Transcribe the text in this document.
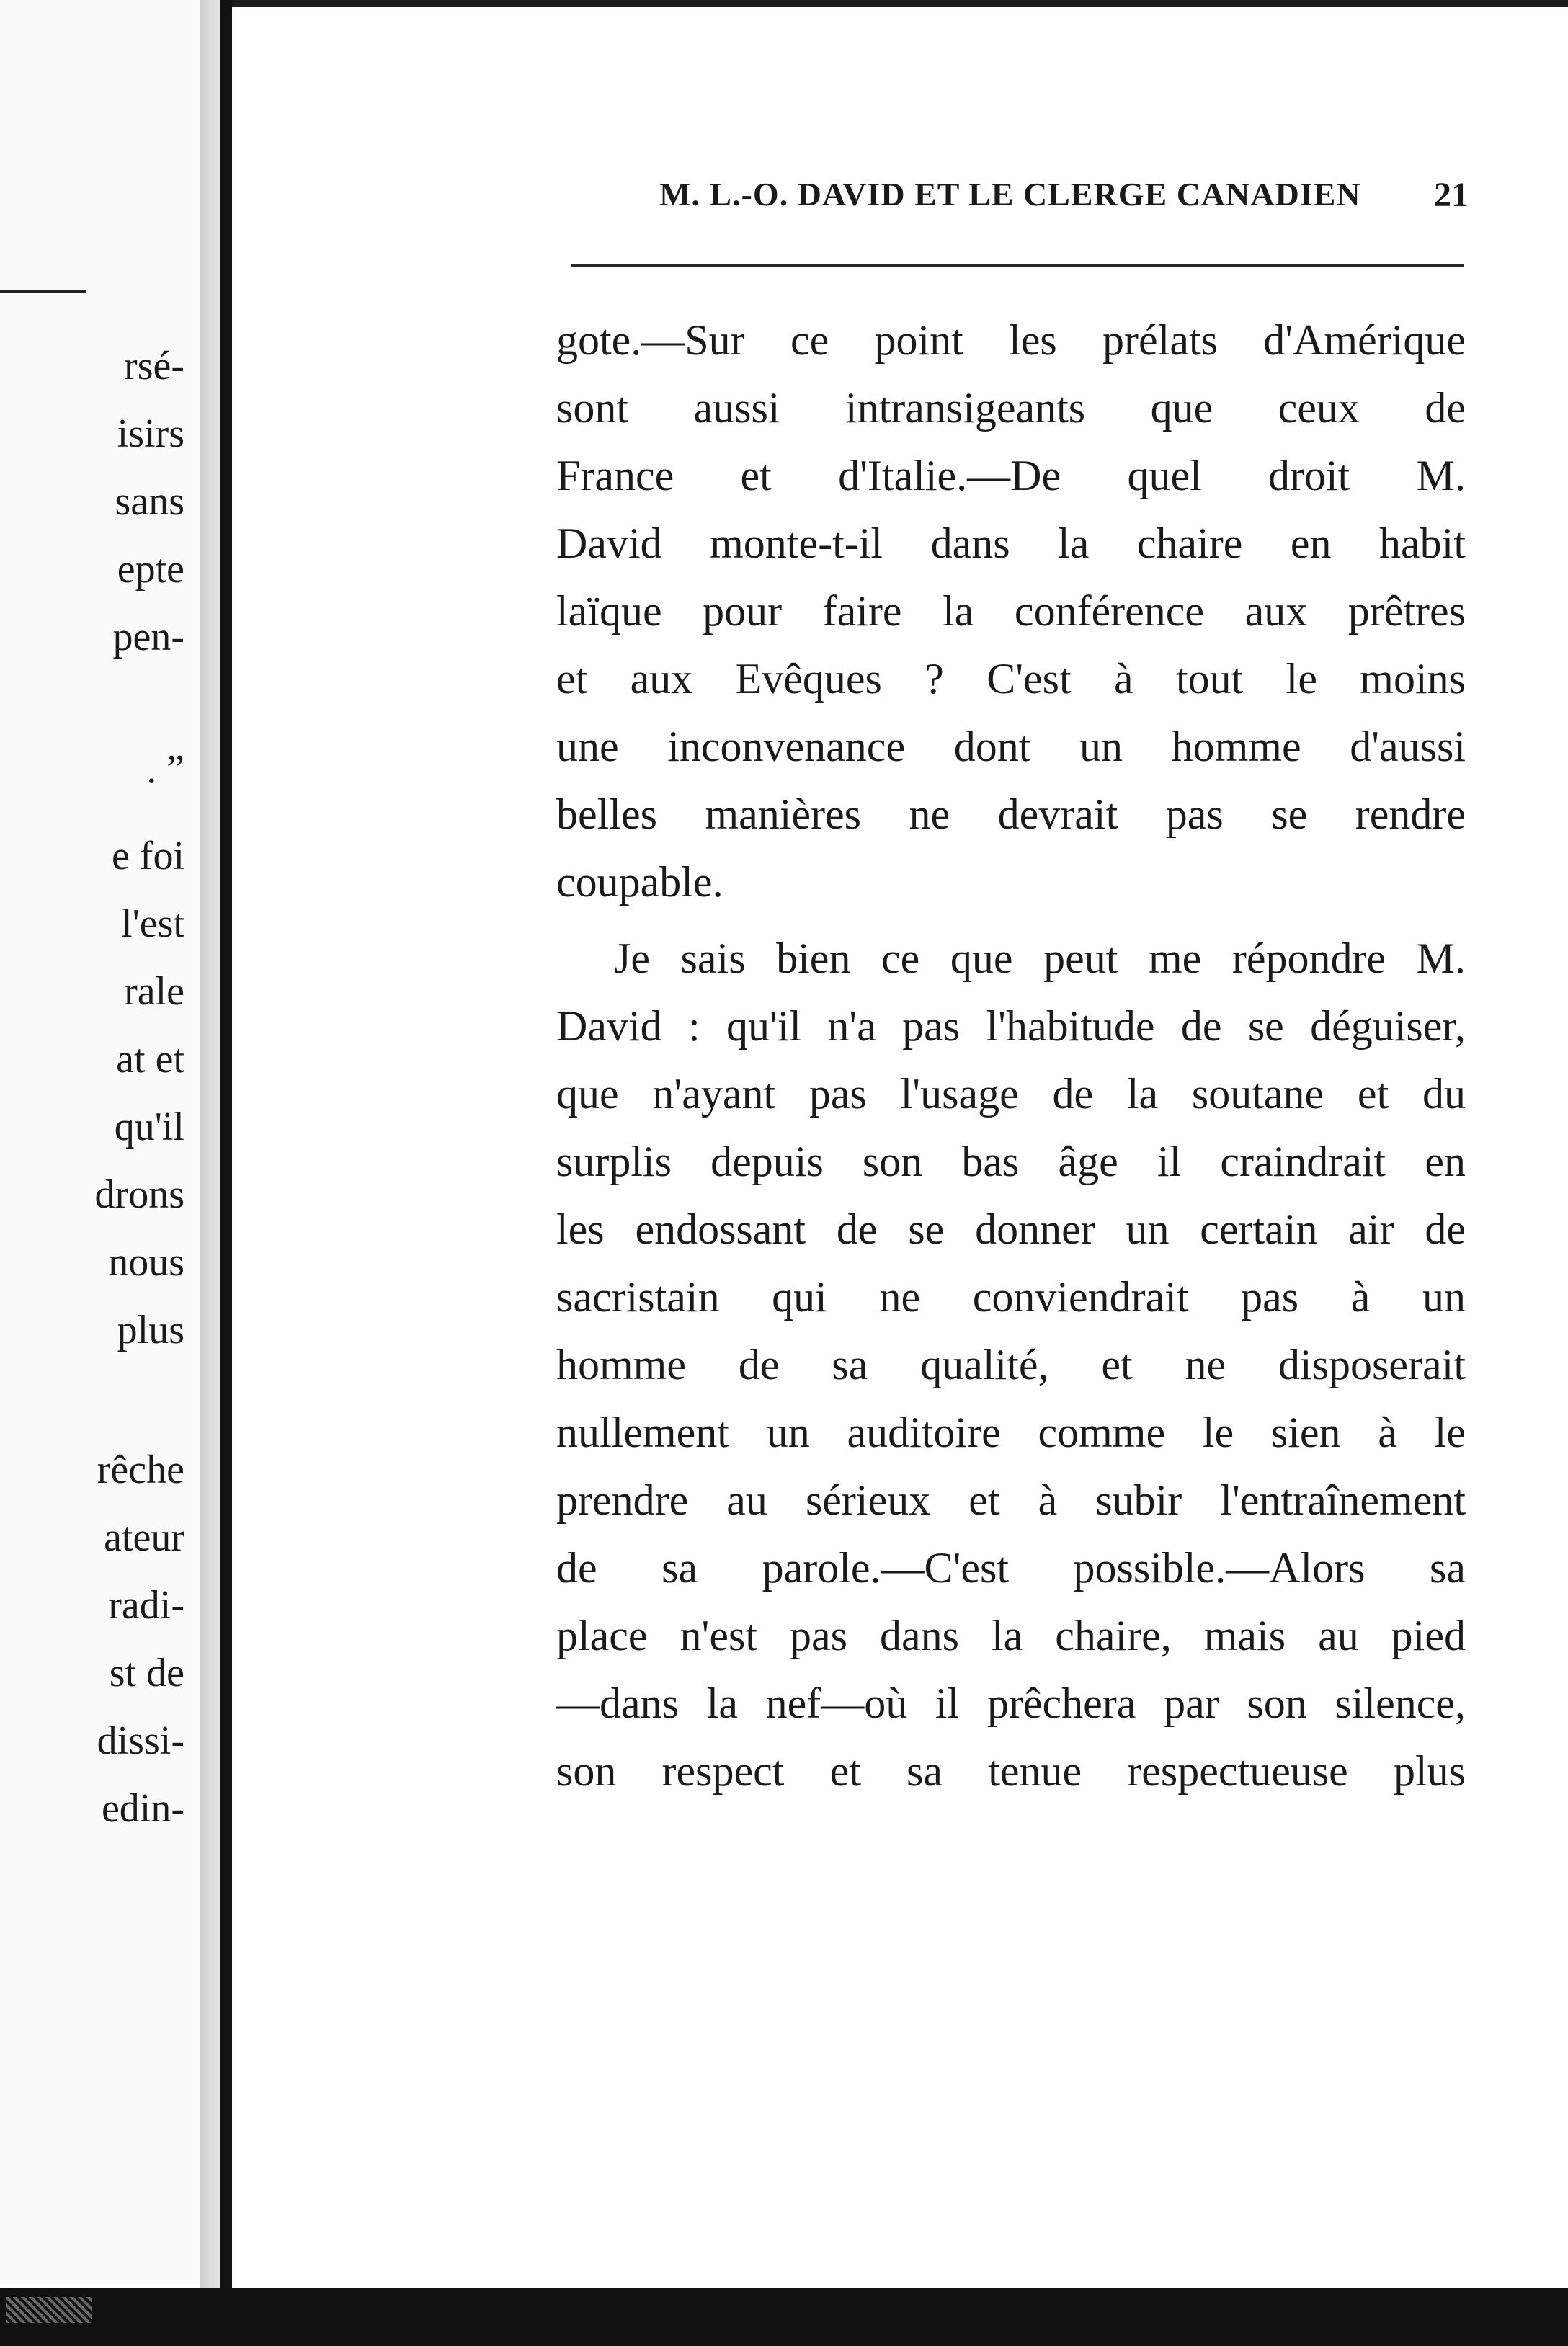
rsé-
isirs
sans
epte
pen-
. ”
e foi
l'est
rale
at et
qu'il
drons
nous
plus
rêche
ateur
radi-
st de
dissi-
edin-
M. L.-O. DAVID ET LE CLERGE CANADIEN 21
gote.—Sur ce point les prélats d'Amérique
sont aussi intransigeants que ceux de
France et d'Italie.—De quel droit M.
David monte-t-il dans la chaire en habit
laïque pour faire la conférence aux prêtres
et aux Evêques ? C'est à tout le moins
une inconvenance dont un homme d'aussi
belles manières ne devrait pas se rendre
coupable.
Je sais bien ce que peut me répondre M.
David : qu'il n'a pas l'habitude de se déguiser,
que n'ayant pas l'usage de la soutane et du
surplis depuis son bas âge il craindrait en
les endossant de se donner un certain air de
sacristain qui ne conviendrait pas à un
homme de sa qualité, et ne disposerait
nullement un auditoire comme le sien à le
prendre au sérieux et à subir l'entraînement
de sa parole.—C'est possible.—Alors sa
place n'est pas dans la chaire, mais au pied
—dans la nef—où il prêchera par son silence,
son respect et sa tenue respectueuse plus
